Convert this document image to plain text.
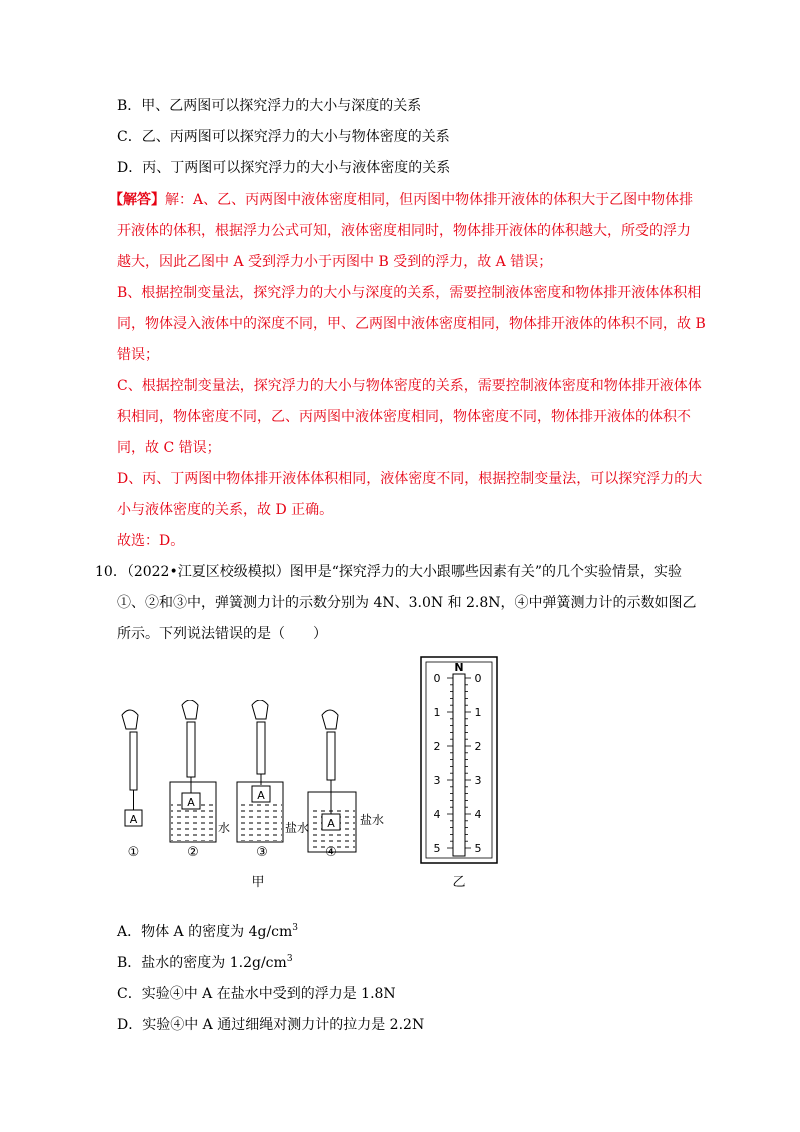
B．甲、乙两图可以探究浮力的大小与深度的关系
C．乙、丙两图可以探究浮力的大小与物体密度的关系
D．丙、丁两图可以探究浮力的大小与液体密度的关系
【解答】解：A、乙、丙两图中液体密度相同，但丙图中物体排开液体的体积大于乙图中物体排
开液体的体积，根据浮力公式可知，液体密度相同时，物体排开液体的体积越大，所受的浮力
越大，因此乙图中 A 受到浮力小于丙图中 B 受到的浮力，故 A 错误；
B、根据控制变量法，探究浮力的大小与深度的关系，需要控制液体密度和物体排开液体体积相
同，物体浸入液体中的深度不同，甲、乙两图中液体密度相同，物体排开液体的体积不同，故 B
错误；
C、根据控制变量法，探究浮力的大小与物体密度的关系，需要控制液体密度和物体排开液体体
积相同，物体密度不同，乙、丙两图中液体密度相同，物体密度不同，物体排开液体的体积不
同，故 C 错误；
D、丙、丁两图中物体排开液体体积相同，液体密度不同，根据控制变量法，可以探究浮力的大
小与液体密度的关系，故 D 正确。
故选：D。
10．（2022•江夏区校级模拟）图甲是“探究浮力的大小跟哪些因素有关”的几个实验情景，实验
①、②和③中，弹簧测力计的示数分别为 4N、3.0N 和 2.8N，④中弹簧测力计的示数如图乙
所示。下列说法错误的是（　　）
A
①
A
水
②
A
盐水
③
A 盐水
④
甲
N
0
1
2
3
4
5
0
1
2
3
4
5
乙
A．物体 A 的密度为 $4g/cm^3$
B．盐水的密度为 $1.2g/cm^3$
C．实验④中 A 在盐水中受到的浮力是 1.8N
D．实验④中 A 通过细绳对测力计的拉力是 2.2N
